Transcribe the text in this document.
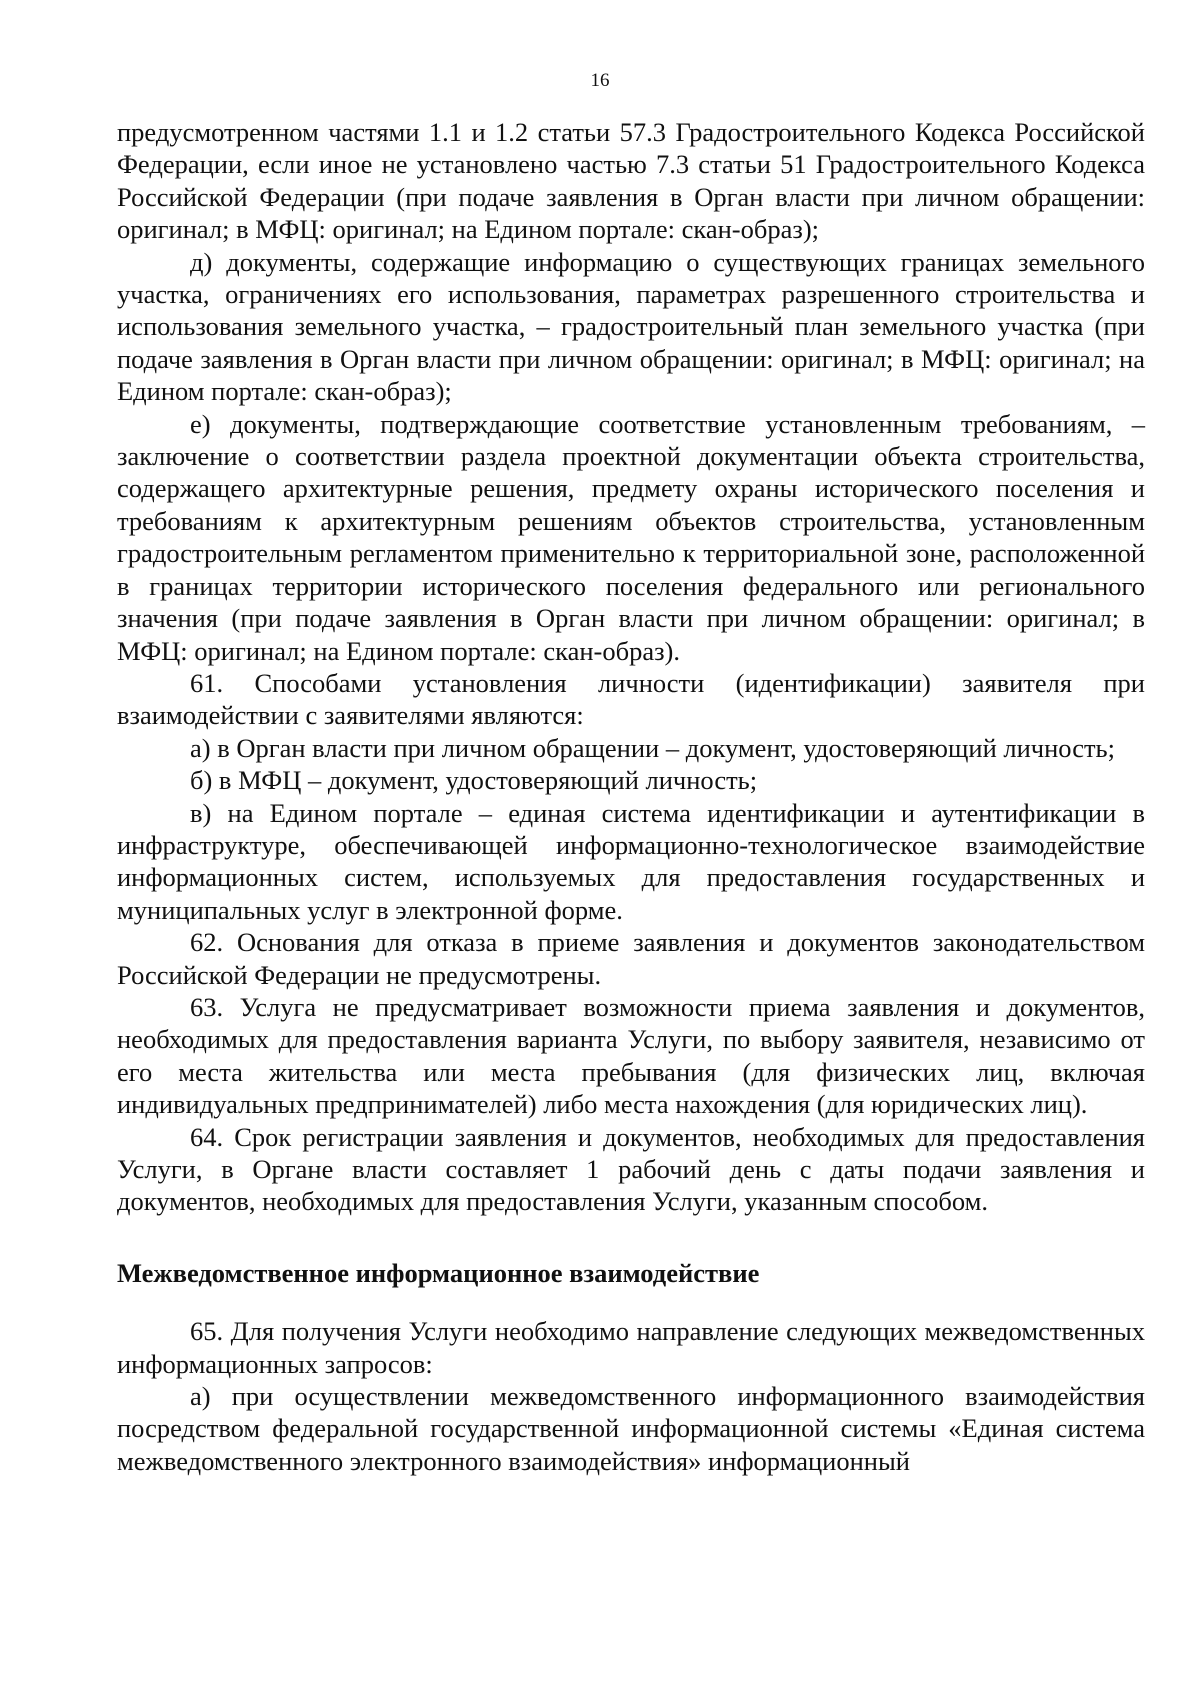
16

предусмотренном частями 1.1 и 1.2 статьи 57.3 Градостроительного Кодекса Российской Федерации, если иное не установлено частью 7.3 статьи 51 Градостроительного Кодекса Российской Федерации (при подаче заявления в Орган власти при личном обращении: оригинал; в МФЦ: оригинал; на Едином портале: скан-образ);

д) документы, содержащие информацию о существующих границах земельного участка, ограничениях его использования, параметрах разрешенного строительства и использования земельного участка, – градостроительный план земельного участка (при подаче заявления в Орган власти при личном обращении: оригинал; в МФЦ: оригинал; на Едином портале: скан-образ);

е) документы, подтверждающие соответствие установленным требованиям, – заключение о соответствии раздела проектной документации объекта строительства, содержащего архитектурные решения, предмету охраны исторического поселения и требованиям к архитектурным решениям объектов строительства, установленным градостроительным регламентом применительно к территориальной зоне, расположенной в границах территории исторического поселения федерального или регионального значения (при подаче заявления в Орган власти при личном обращении: оригинал; в МФЦ: оригинал; на Едином портале: скан-образ).

61. Способами установления личности (идентификации) заявителя при взаимодействии с заявителями являются:

а) в Орган власти при личном обращении – документ, удостоверяющий личность;

б) в МФЦ – документ, удостоверяющий личность;

в) на Едином портале – единая система идентификации и аутентификации в инфраструктуре, обеспечивающей информационно-технологическое взаимодействие информационных систем, используемых для предоставления государственных и муниципальных услуг в электронной форме.

62. Основания для отказа в приеме заявления и документов законодательством Российской Федерации не предусмотрены.

63. Услуга не предусматривает возможности приема заявления и документов, необходимых для предоставления варианта Услуги, по выбору заявителя, независимо от его места жительства или места пребывания (для физических лиц, включая индивидуальных предпринимателей) либо места нахождения (для юридических лиц).

64. Срок регистрации заявления и документов, необходимых для предоставления Услуги, в Органе власти составляет 1 рабочий день с даты подачи заявления и документов, необходимых для предоставления Услуги, указанным способом.

Межведомственное информационное взаимодействие

65. Для получения Услуги необходимо направление следующих межведомственных информационных запросов:

а) при осуществлении межведомственного информационного взаимодействия посредством федеральной государственной информационной системы «Единая система межведомственного электронного взаимодействия» информационный
